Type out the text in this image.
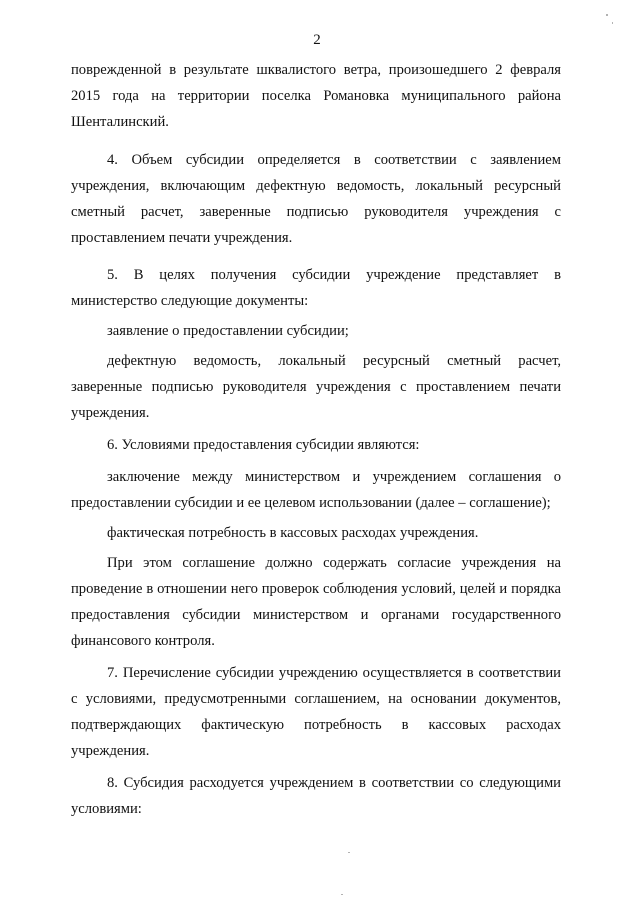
2

поврежденной в результате шквалистого ветра, произошедшего 2 февраля 2015 года на территории поселка Романовка муниципального района Шенталинский.

4. Объем субсидии определяется в соответствии с заявлением учреждения, включающим дефектную ведомость, локальный ресурсный сметный расчет, заверенные подписью руководителя учреждения с проставлением печати учреждения.

5. В целях получения субсидии учреждение представляет в министерство следующие документы:

заявление о предоставлении субсидии;

дефектную ведомость, локальный ресурсный сметный расчет, заверенные подписью руководителя учреждения с проставлением печати учреждения.

6. Условиями предоставления субсидии являются:

заключение между министерством и учреждением соглашения о предоставлении субсидии и ее целевом использовании (далее – соглашение);

фактическая потребность в кассовых расходах учреждения.

При этом соглашение должно содержать согласие учреждения на проведение в отношении него проверок соблюдения условий, целей и порядка предоставления субсидии министерством и органами государственного финансового контроля.

7. Перечисление субсидии учреждению осуществляется в соответствии с условиями, предусмотренными соглашением, на основании документов, подтверждающих фактическую потребность в кассовых расходах учреждения.

8. Субсидия расходуется учреждением в соответствии со следующими условиями:
